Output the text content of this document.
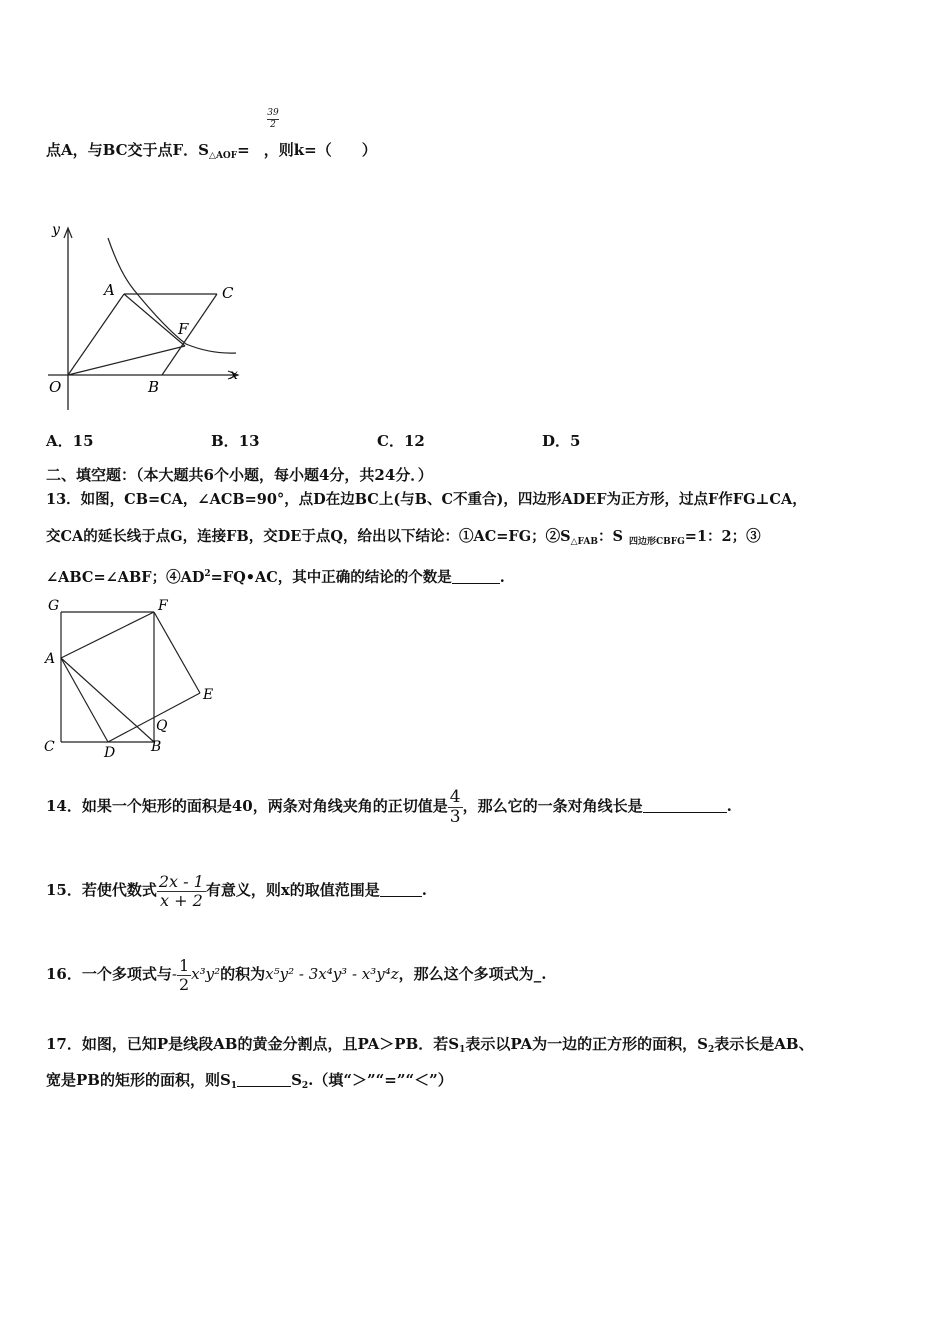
39
2
点A，与BC交于点F．$S_{\triangle AOF}=$ ，则k=（　　）
y
x
O
A	C
F
B
A．15	B．13	C．12	D．5
二、填空题：（本大题共6个小题，每小题4分，共24分．）
13．如图，CB=CA，∠ACB=90°，点D在边BC上(与B、C不重合)，四边形ADEF为正方形，过点F作FG⊥CA，
交CA的延长线于点G，连接FB，交DE于点Q，给出以下结论：①AC=FG；$②S_{\triangle FAB}$：S $_{四边形CBFG}$=1：2；③
∠ABC=∠ABF；$④AD^2=FQ•AC$，其中正确的结论的个数是	.
G	F
A
E
Q
C	D	B
14．如果一个矩形的面积是40，两条对角线夹角的正切值是 $\frac{4}{3}$ ，那么它的一条对角线长是	.
15．若使代数式 $\frac{2x - 1}{x + 2}$ 有意义，则x的取值范围是	.
16．一个多项式与- $\frac{1}{2} x^3y^2$的积为x⁵y² - 3x⁴y³ - x³y⁴z，那么这个多项式为_.
17．如图，已知P是线段AB的黄金分割点，且PA＞PB．若$S_1$表示以PA为一边的正方形的面积，$S_2$表示长是AB、
宽是PB的矩形的面积，则$S_1$	$S_2$.（填“＞”“=”“＜”）
